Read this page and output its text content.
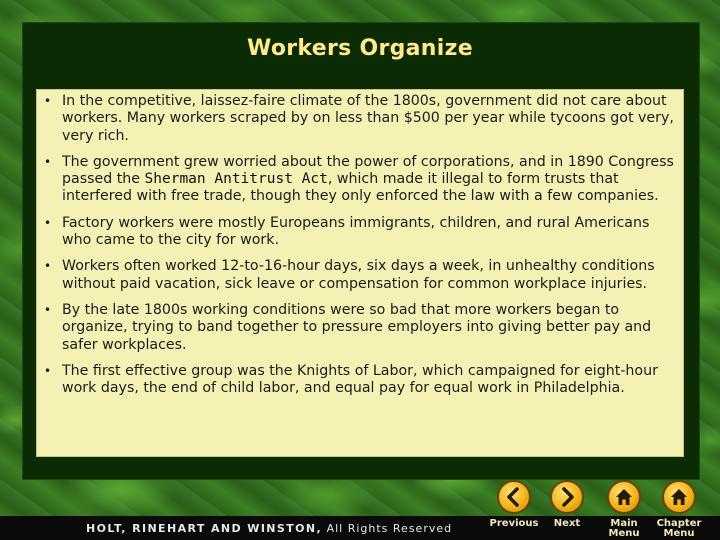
Workers Organize
• In the competitive, laissez-faire climate of the 1800s, government did not care about workers. Many workers scraped by on less than $500 per year while tycoons got very, very rich.
• The government grew worried about the power of corporations, and in 1890 Congress passed the Sherman Antitrust Act, which made it illegal to form trusts that interfered with free trade, though they only enforced the law with a few companies.
• Factory workers were mostly Europeans immigrants, children, and rural Americans who came to the city for work.
• Workers often worked 12-to-16-hour days, six days a week, in unhealthy conditions without paid vacation, sick leave or compensation for common workplace injuries.
• By the late 1800s working conditions were so bad that more workers began to organize, trying to band together to pressure employers into giving better pay and safer workplaces.
• The first effective group was the Knights of Labor, which campaigned for eight-hour work days, the end of child labor, and equal pay for equal work in Philadelphia.
HOLT, RINEHART AND WINSTON, All Rights Reserved	Previous	Next	Main
Menu
Chapter
Menu
